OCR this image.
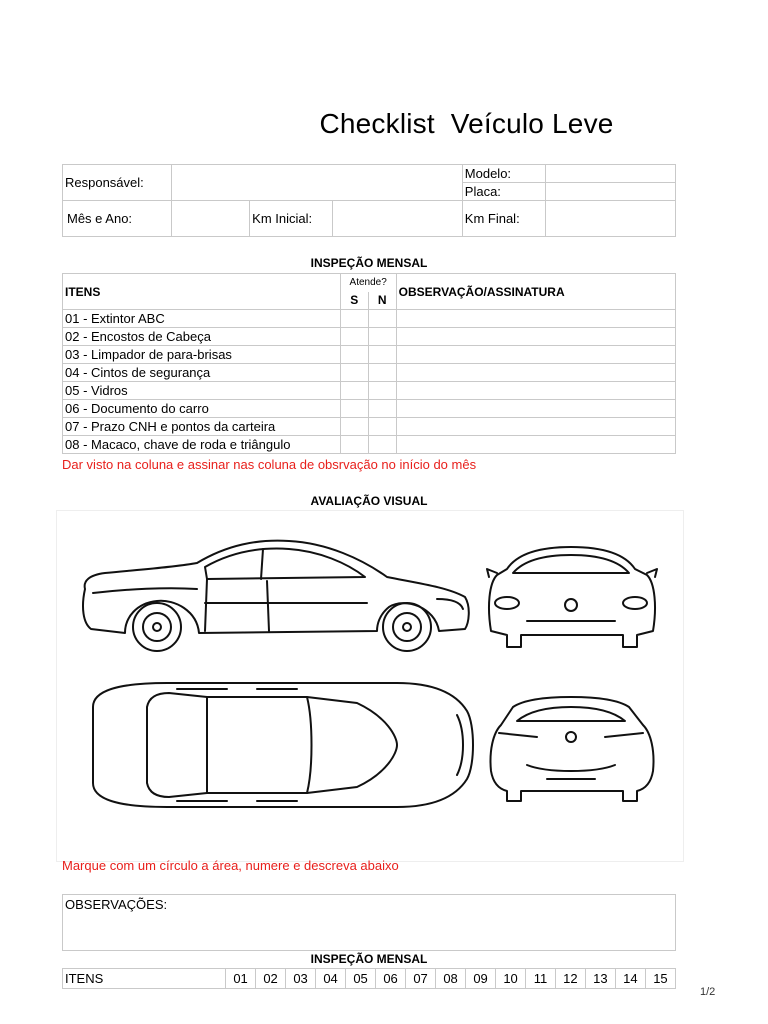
Checklist  Veículo Leve
Responsável:				Modelo:	
				Placa:	
Mês e Ano:		Km Inicial:		Km Final:	
INSPEÇÃO MENSAL
ITENS	Atende?		OBSERVAÇÃO/ASSINATURA
	S	N	
01 - Extintor ABC			
02 - Encostos de Cabeça			
03 - Limpador de para-brisas			
04 - Cintos de segurança			
05 - Vidros			
06 - Documento do carro			
07 - Prazo CNH e pontos da carteira			
08 - Macaco, chave de roda e triângulo			
Dar visto na coluna e assinar nas coluna de obsrvação no início do mês
AVALIAÇÃO VISUAL
Marque com um círculo a área, numere e descreva abaixo
OBSERVAÇÕES:
INSPEÇÃO MENSAL
ITENS	01	02	03	04	05	06	07	08	09	10	11	12	13	14	15
1/2
